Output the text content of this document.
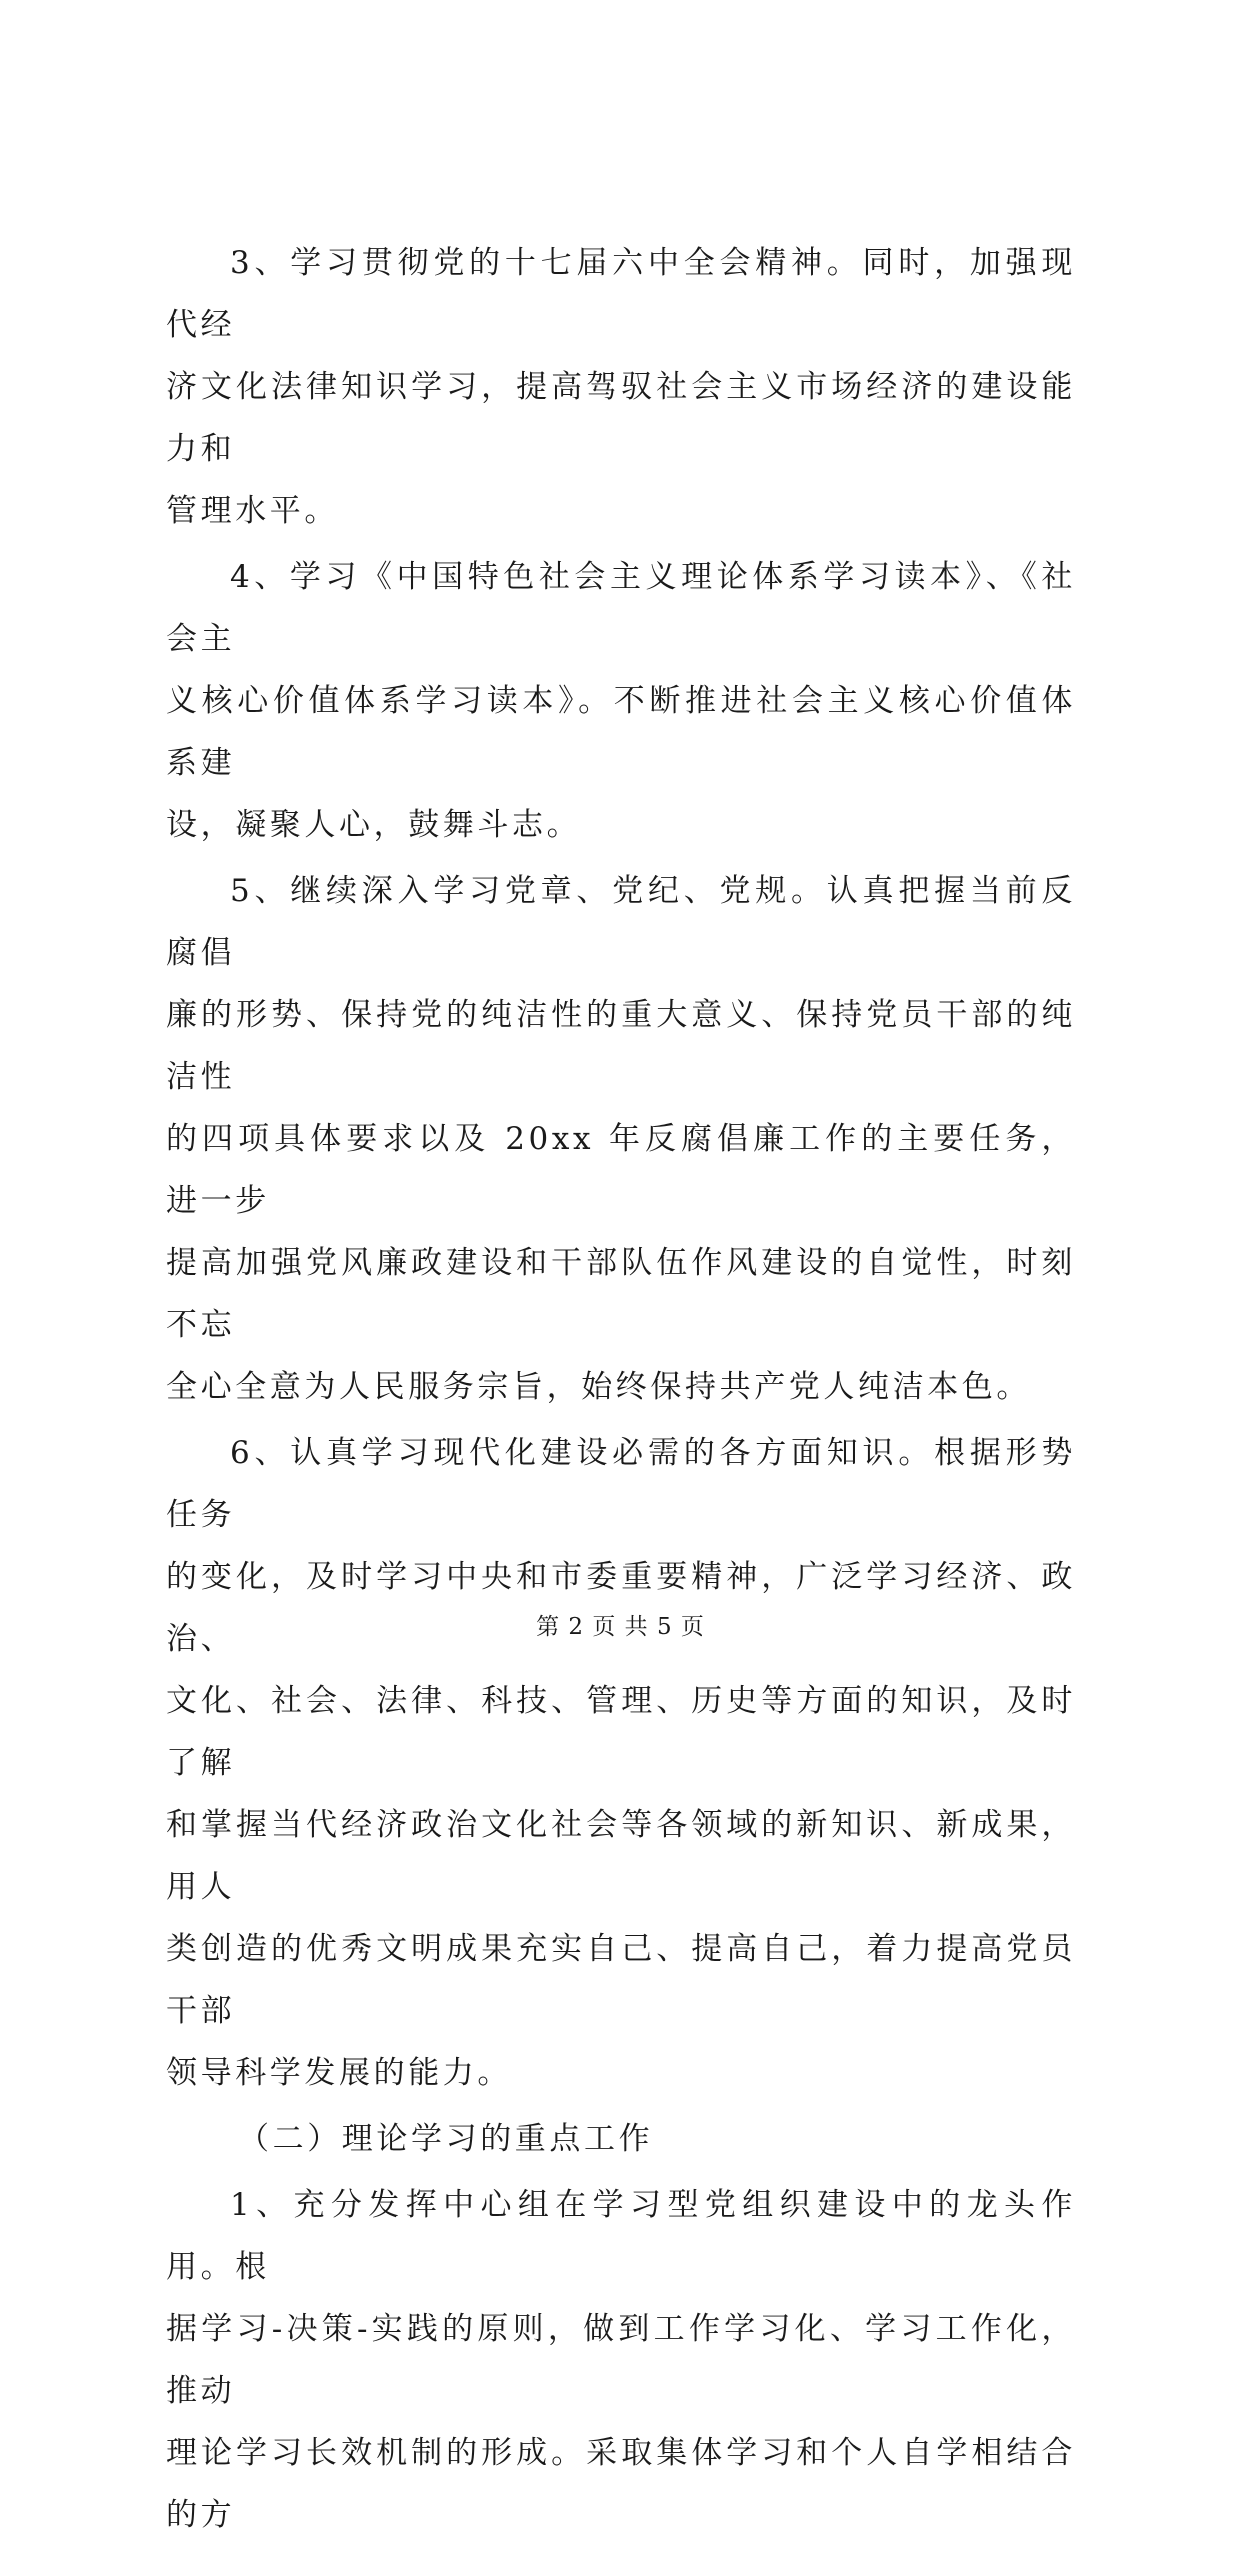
3、学习贯彻党的十七届六中全会精神。同时，加强现代经
济文化法律知识学习，提高驾驭社会主义市场经济的建设能力和
管理水平。

4、学习《中国特色社会主义理论体系学习读本》、《社会主
义核心价值体系学习读本》。不断推进社会主义核心价值体系建
设，凝聚人心，鼓舞斗志。

5、继续深入学习党章、党纪、党规。认真把握当前反腐倡
廉的形势、保持党的纯洁性的重大意义、保持党员干部的纯洁性
的四项具体要求以及 20xx 年反腐倡廉工作的主要任务，进一步
提高加强党风廉政建设和干部队伍作风建设的自觉性，时刻不忘
全心全意为人民服务宗旨，始终保持共产党人纯洁本色。

6、认真学习现代化建设必需的各方面知识。根据形势任务
的变化，及时学习中央和市委重要精神，广泛学习经济、政治、
文化、社会、法律、科技、管理、历史等方面的知识，及时了解
和掌握当代经济政治文化社会等各领域的新知识、新成果，用人
类创造的优秀文明成果充实自己、提高自己，着力提高党员干部
领导科学发展的能力。

（二）理论学习的重点工作

1、充分发挥中心组在学习型党组织建设中的龙头作用。根
据学习-决策-实践的原则，做到工作学习化、学习工作化，推动
理论学习长效机制的形成。采取集体学习和个人自学相结合的方

第 2 页 共 5 页
